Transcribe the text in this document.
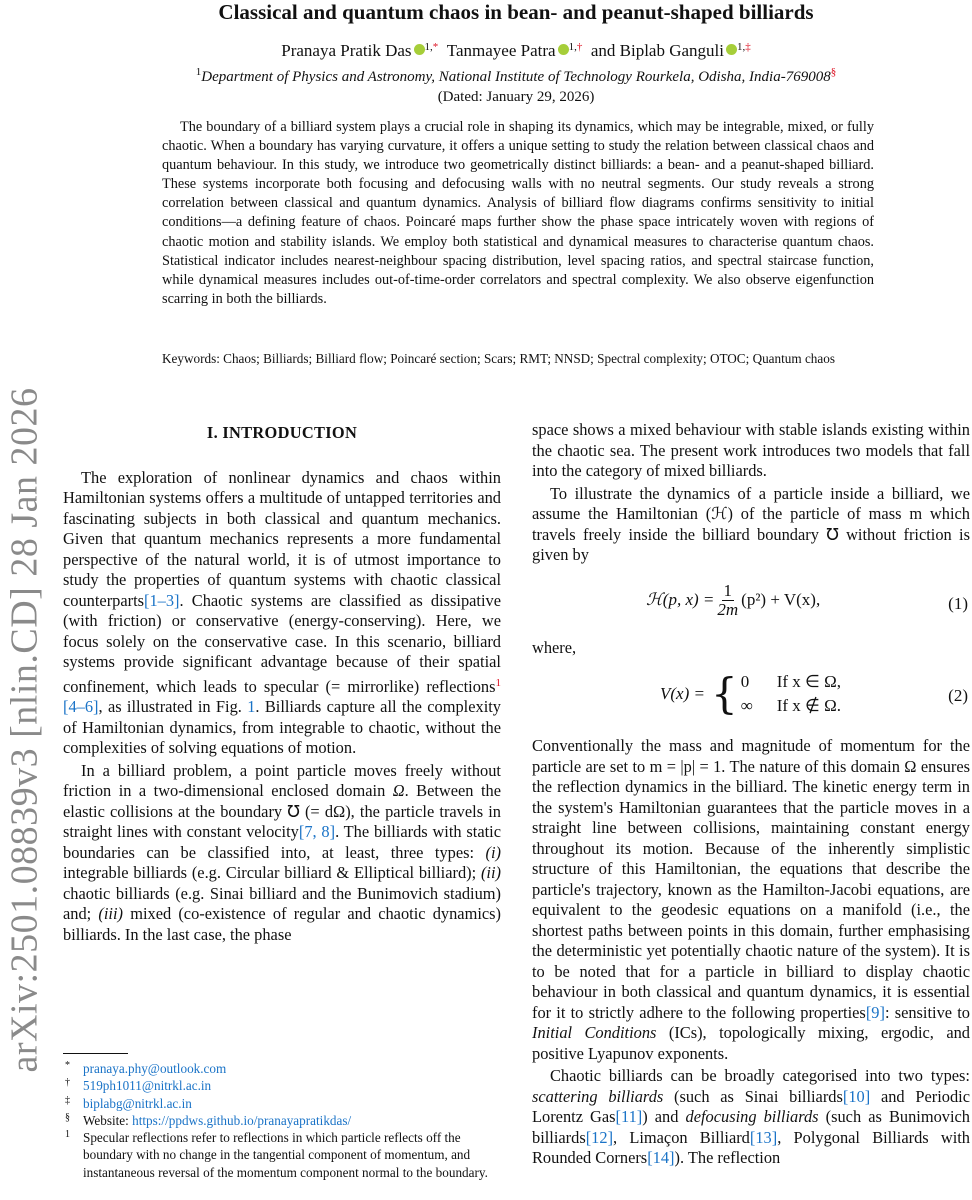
arXiv:2501.08839v3 [nlin.CD] 28 Jan 2026
Classical and quantum chaos in bean- and peanut-shaped billiards
Pranaya Pratik Das $^{1,*}$ Tanmayee Patra $^{1,\dagger}$ and Biplab Ganguli $^{1,\ddagger}$
$^1$Department of Physics and Astronomy, National Institute of Technology Rourkela, Odisha, India-769008§
(Dated: January 29, 2026)
The boundary of a billiard system plays a crucial role in shaping its dynamics, which may be integrable, mixed, or fully chaotic. When a boundary has varying curvature, it offers a unique setting to study the relation between classical chaos and quantum behaviour. In this study, we introduce two geometrically distinct billiards: a bean- and a peanut-shaped billiard. These systems incorporate both focusing and defocusing walls with no neutral segments. Our study reveals a strong correlation between classical and quantum dynamics. Analysis of billiard flow diagrams confirms sensitivity to initial conditions—a defining feature of chaos. Poincaré maps further show the phase space intricately woven with regions of chaotic motion and stability islands. We employ both statistical and dynamical measures to characterise quantum chaos. Statistical indicator includes nearest-neighbour spacing distribution, level spacing ratios, and spectral staircase function, while dynamical measures includes out-of-time-order correlators and spectral complexity. We also observe eigenfunction scarring in both the billiards.
Keywords: Chaos; Billiards; Billiard flow; Poincaré section; Scars; RMT; NNSD; Spectral complexity; OTOC; Quantum chaos
I. INTRODUCTION

The exploration of nonlinear dynamics and chaos within Hamiltonian systems offers a multitude of untapped territories and fascinating subjects in both classical and quantum mechanics. Given that quantum mechanics represents a more fundamental perspective of the natural world, it is of utmost importance to study the properties of quantum systems with chaotic classical counterparts[1–3]. Chaotic systems are classified as dissipative (with friction) or conservative (energy-conserving). Here, we focus solely on the conservative case. In this scenario, billiard systems provide significant advantage because of their spatial confinement, which leads to specular (= mirrorlike) reflections$^1$ [4–6], as illustrated in Fig. 1. Billiards capture all the complexity of Hamiltonian dynamics, from integrable to chaotic, without the complexities of solving equations of motion.

In a billiard problem, a point particle moves freely without friction in a two-dimensional enclosed domain Ω. Between the elastic collisions at the boundary ℧ (= dΩ), the particle travels in straight lines with constant velocity[7, 8]. The billiards with static boundaries can be classified into, at least, three types: (i) integrable billiards (e.g. Circular billiard & Elliptical billiard); (ii) chaotic billiards (e.g. Sinai billiard and the Bunimovich stadium) and; (iii) mixed (co-existence of regular and chaotic dynamics) billiards. In the last case, the phase

* pranaya.phy@outlook.com
† 519ph1011@nitrkl.ac.in
‡ biplabg@nitrkl.ac.in
§ Website: https://ppdws.github.io/pranayapratikdas/
1 Specular reflections refer to reflections in which particle reflects off the boundary with no change in the tangential component of momentum, and instantaneous reversal of the momentum component normal to the boundary.

space shows a mixed behaviour with stable islands existing within the chaotic sea. The present work introduces two models that fall into the category of mixed billiards.

To illustrate the dynamics of a particle inside a billiard, we assume the Hamiltonian (ℋ) of the particle of mass m which travels freely inside the billiard boundary ℧ without friction is given by

ℋ(p, $x) = \frac{1}{2m} (p^2) + V(x)$,	(1)

where,

V(x) = { 0 If x ∈ Ω,
∞ If x ∉ Ω.
(2)

Conventionally the mass and magnitude of momentum for the particle are set to m = |p| = 1. The nature of this domain Ω ensures the reflection dynamics in the billiard. The kinetic energy term in the system's Hamiltonian guarantees that the particle moves in a straight line between collisions, maintaining constant energy throughout its motion. Because of the inherently simplistic structure of this Hamiltonian, the equations that describe the particle's trajectory, known as the Hamilton-Jacobi equations, are equivalent to the geodesic equations on a manifold (i.e., the shortest paths between points in this domain, further emphasising the deterministic yet potentially chaotic nature of the system). It is to be noted that for a particle in billiard to display chaotic behaviour in both classical and quantum dynamics, it is essential for it to strictly adhere to the following properties[9]: sensitive to Initial Conditions (ICs), topologically mixing, ergodic, and positive Lyapunov exponents.

Chaotic billiards can be broadly categorised into two types: scattering billiards (such as Sinai billiards[10] and Periodic Lorentz Gas[11]) and defocusing billiards (such as Bunimovich billiards[12], Limaçon Billiard[13], Polygonal Billiards with Rounded Corners[14]). The reflection
